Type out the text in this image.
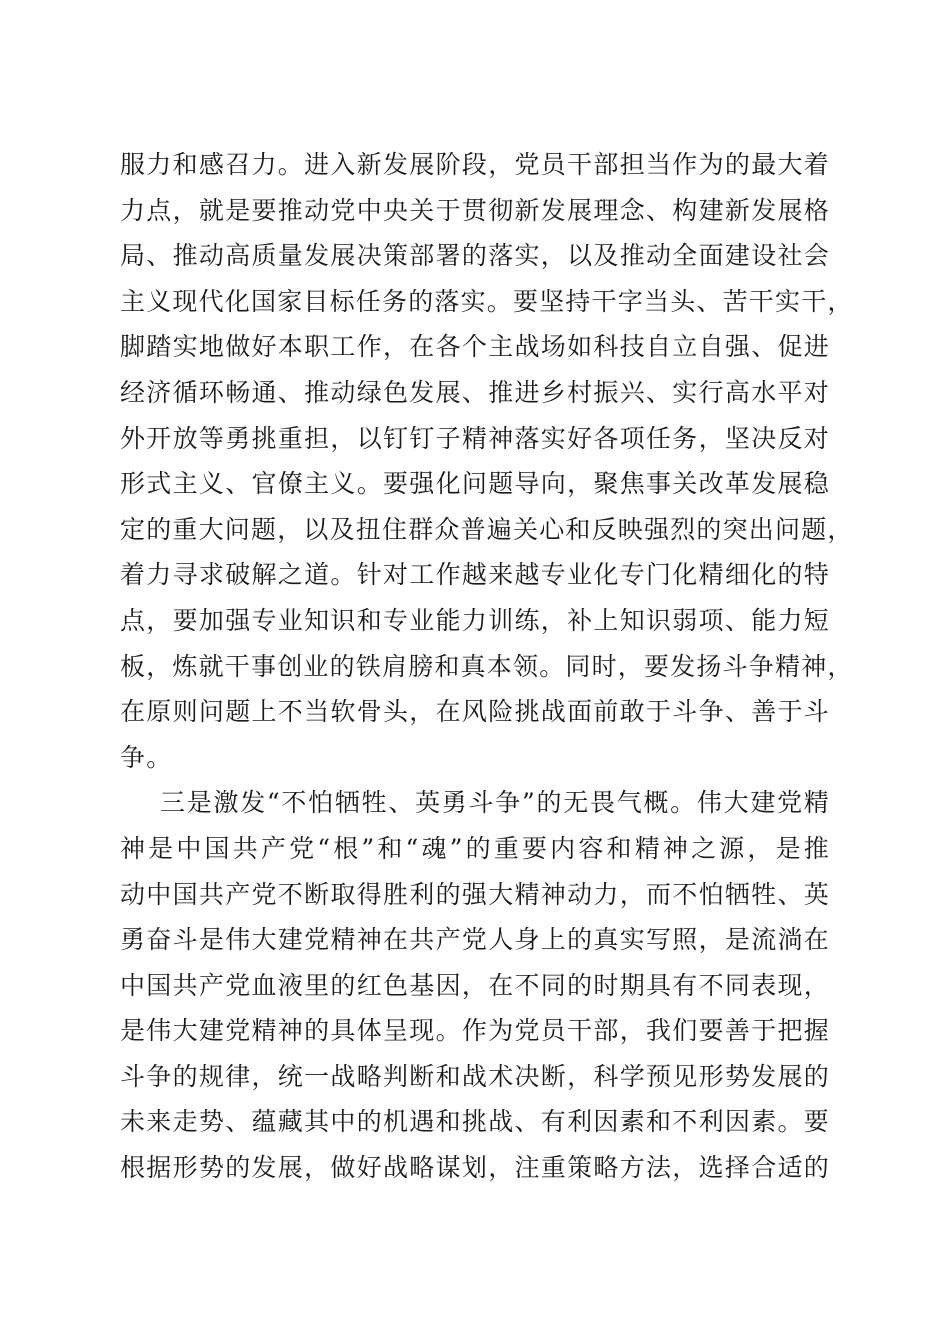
服力和感召力。进入新发展阶段，党员干部担当作为的最大着
力点，就是要推动党中央关于贯彻新发展理念、构建新发展格
局、推动高质量发展决策部署的落实，以及推动全面建设社会
主义现代化国家目标任务的落实。要坚持干字当头、苦干实干，
脚踏实地做好本职工作，在各个主战场如科技自立自强、促进
经济循环畅通、推动绿色发展、推进乡村振兴、实行高水平对
外开放等勇挑重担，以钉钉子精神落实好各项任务，坚决反对
形式主义、官僚主义。要强化问题导向，聚焦事关改革发展稳
定的重大问题，以及扭住群众普遍关心和反映强烈的突出问题，
着力寻求破解之道。针对工作越来越专业化专门化精细化的特
点，要加强专业知识和专业能力训练，补上知识弱项、能力短
板，炼就干事创业的铁肩膀和真本领。同时，要发扬斗争精神，
在原则问题上不当软骨头，在风险挑战面前敢于斗争、善于斗
争。
三是激发“不怕牺牲、英勇斗争”的无畏气概。伟大建党精
神是中国共产党“根”和“魂”的重要内容和精神之源，是推
动中国共产党不断取得胜利的强大精神动力，而不怕牺牲、英
勇奋斗是伟大建党精神在共产党人身上的真实写照，是流淌在
中国共产党血液里的红色基因，在不同的时期具有不同表现，
是伟大建党精神的具体呈现。作为党员干部，我们要善于把握
斗争的规律，统一战略判断和战术决断，科学预见形势发展的
未来走势、蕴藏其中的机遇和挑战、有利因素和不利因素。要
根据形势的发展，做好战略谋划，注重策略方法，选择合适的
